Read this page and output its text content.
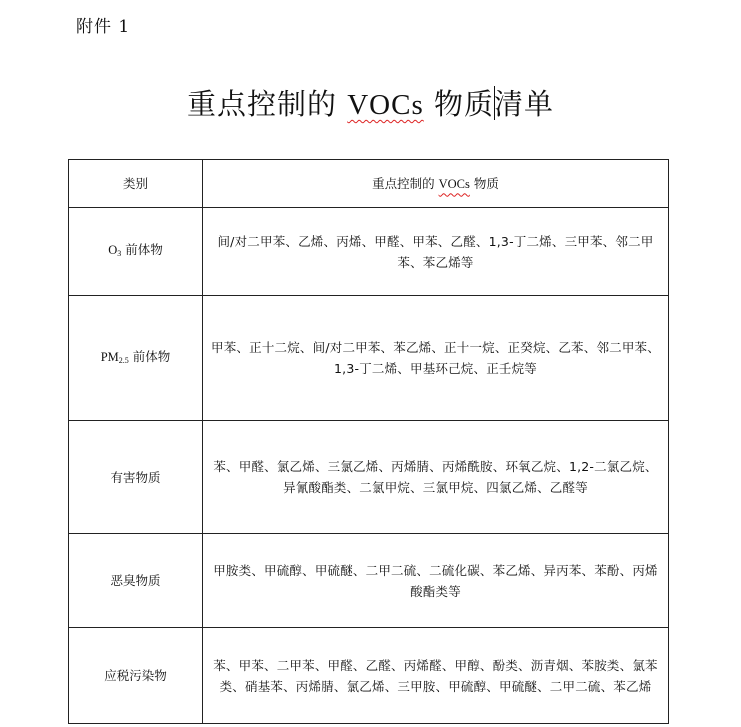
附件 1
重点控制的 VOCs 物质清单
类别	重点控制的 VOCs 物质
$O_3$ 前体物	间/对二甲苯、乙烯、丙烯、甲醛、甲苯、乙醛、1,3-丁二烯、三甲苯、邻二甲苯、苯乙烯等
$PM_{2.5}$ 前体物	甲苯、正十二烷、间/对二甲苯、苯乙烯、正十一烷、正癸烷、乙苯、邻二甲苯、1,3-丁二烯、甲基环己烷、正壬烷等
有害物质	苯、甲醛、氯乙烯、三氯乙烯、丙烯腈、丙烯酰胺、环氧乙烷、1,2-二氯乙烷、异氰酸酯类、二氯甲烷、三氯甲烷、四氯乙烯、乙醛等
恶臭物质	甲胺类、甲硫醇、甲硫醚、二甲二硫、二硫化碳、苯乙烯、异丙苯、苯酚、丙烯酸酯类等
应税污染物	苯、甲苯、二甲苯、甲醛、乙醛、丙烯醛、甲醇、酚类、沥青烟、苯胺类、氯苯类、硝基苯、丙烯腈、氯乙烯、三甲胺、甲硫醇、甲硫醚、二甲二硫、苯乙烯
